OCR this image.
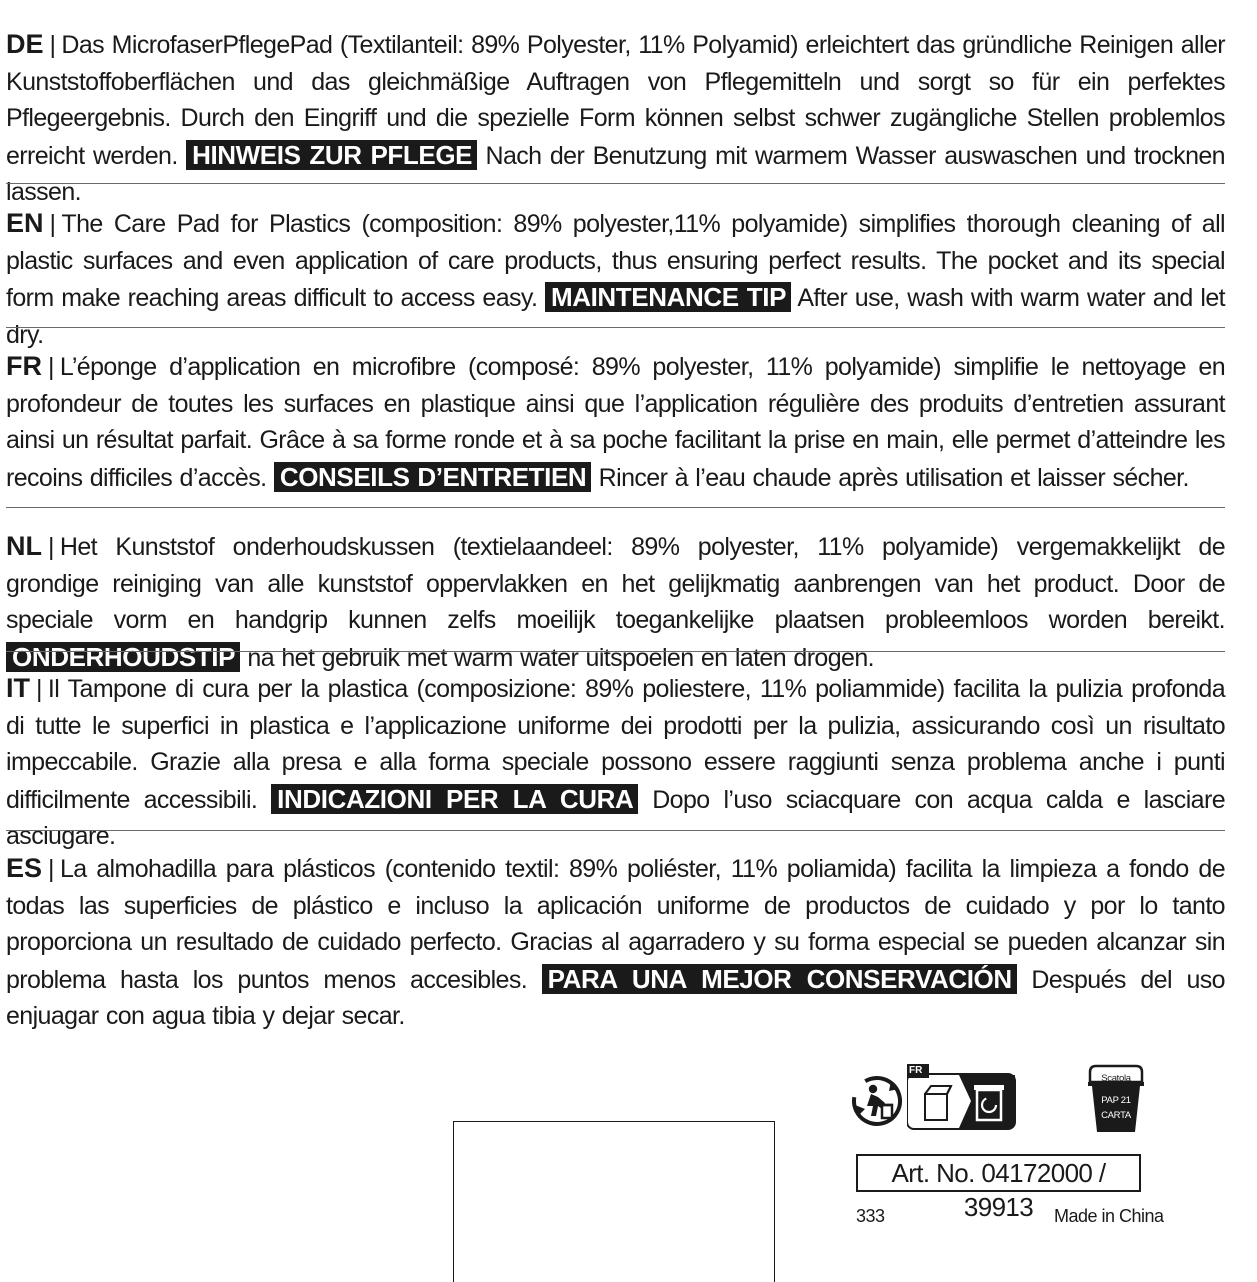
DE | Das MicrofaserPflegePad (Textilanteil: 89% Polyester, 11% Polyamid) erleichtert das gründliche Reinigen aller Kunststoffoberflächen und das gleichmäßige Auftragen von Pflegemitteln und sorgt so für ein perfektes Pflegeergebnis. Durch den Eingriff und die spezielle Form können selbst schwer zugängliche Stellen problemlos erreicht werden. HINWEIS ZUR PFLEGE Nach der Benutzung mit warmem Wasser auswaschen und trocknen lassen.
EN | The Care Pad for Plastics (composition: 89% polyester,11% polyamide) simplifies thorough cleaning of all plastic surfaces and even application of care products, thus ensuring perfect results. The pocket and its special form make reaching areas difficult to access easy. MAINTENANCE TIP After use, wash with warm water and let dry.
FR | L’éponge d’application en microfibre (composé: 89% polyester, 11% polyamide) simplifie le nettoyage en profondeur de toutes les surfaces en plastique ainsi que l’application régulière des produits d’entretien assurant ainsi un résultat parfait. Grâce à sa forme ronde et à sa poche facilitant la prise en main, elle permet d’atteindre les recoins difficiles d’accès. CONSEILS D’ENTRETIEN Rincer à l’eau chaude après utilisation et laisser sécher.
NL | Het Kunststof onderhoudskussen (textielaandeel: 89% polyester, 11% polyamide) vergemakkelijkt de grondige reiniging van alle kunststof oppervlakken en het gelijkmatig aanbrengen van het product. Door de speciale vorm en handgrip kunnen zelfs moeilijk toegankelijke plaatsen probleemloos worden bereikt. ONDERHOUDSTIP na het gebruik met warm water uitspoelen en laten drogen.
IT | Il Tampone di cura per la plastica (composizione: 89% poliestere, 11% poliammide) facilita la pulizia profonda di tutte le superfici in plastica e l’applicazione uniforme dei prodotti per la pulizia, assicurando così un risultato impeccabile. Grazie alla presa e alla forma speciale possono essere raggiunti senza problema anche i punti difficilmente accessibili. INDICAZIONI PER LA CURA Dopo l’uso sciacquare con acqua calda e lasciare asciugare.
ES | La almohadilla para plásticos (contenido textil: 89% poliéster, 11% poliamida) facilita la limpieza a fondo de todas las superficies de plástico e incluso la aplicación uniforme de productos de cuidado y por lo tanto proporciona un resultado de cuidado perfecto. Gracias al agarradero y su forma especial se pueden alcanzar sin problema hasta los puntos menos accesibles. PARA UNA MEJOR CONSERVACIÓN Después del uso enjuagar con agua tibia y dejar secar.
FR
Scatola
PAP 21
CARTA
Art. No. 04172000 / 39913
333	Made in China
